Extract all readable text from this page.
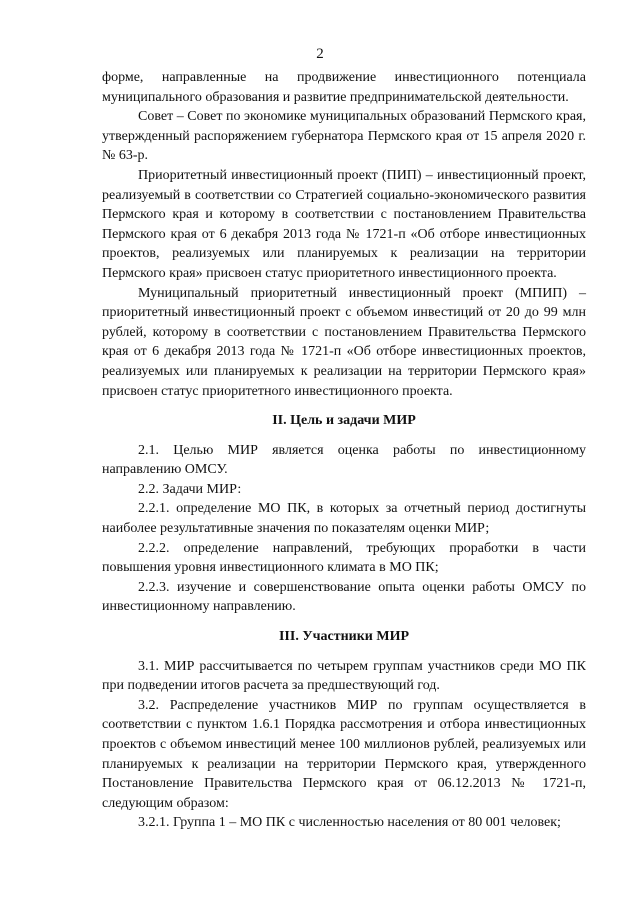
2

форме, направленные на продвижение инвестиционного потенциала муниципального образования и развитие предпринимательской деятельности.

Совет – Совет по экономике муниципальных образований Пермского края, утвержденный распоряжением губернатора Пермского края от 15 апреля 2020 г. № 63-р.

Приоритетный инвестиционный проект (ПИП) – инвестиционный проект, реализуемый в соответствии со Стратегией социально-экономического развития Пермского края и которому в соответствии с постановлением Правительства Пермского края от 6 декабря 2013 года № 1721-п «Об отборе инвестиционных проектов, реализуемых или планируемых к реализации на территории Пермского края» присвоен статус приоритетного инвестиционного проекта.

Муниципальный приоритетный инвестиционный проект (МПИП) – приоритетный инвестиционный проект с объемом инвестиций от 20 до 99 млн рублей, которому в соответствии с постановлением Правительства Пермского края от 6 декабря 2013 года № 1721-п «Об отборе инвестиционных проектов, реализуемых или планируемых к реализации на территории Пермского края» присвоен статус приоритетного инвестиционного проекта.

II. Цель и задачи МИР

2.1. Целью МИР является оценка работы по инвестиционному направлению ОМСУ.

2.2. Задачи МИР:

2.2.1. определение МО ПК, в которых за отчетный период достигнуты наиболее результативные значения по показателям оценки МИР;

2.2.2. определение направлений, требующих проработки в части повышения уровня инвестиционного климата в МО ПК;

2.2.3. изучение и совершенствование опыта оценки работы ОМСУ по инвестиционному направлению.

III. Участники МИР

3.1. МИР рассчитывается по четырем группам участников среди МО ПК при подведении итогов расчета за предшествующий год.

3.2. Распределение участников МИР по группам осуществляется в соответствии с пунктом 1.6.1 Порядка рассмотрения и отбора инвестиционных проектов с объемом инвестиций менее 100 миллионов рублей, реализуемых или планируемых к реализации на территории Пермского края, утвержденного Постановление Правительства Пермского края от 06.12.2013 № 1721-п, следующим образом:

3.2.1. Группа 1 – МО ПК с численностью населения от 80 001 человек;
